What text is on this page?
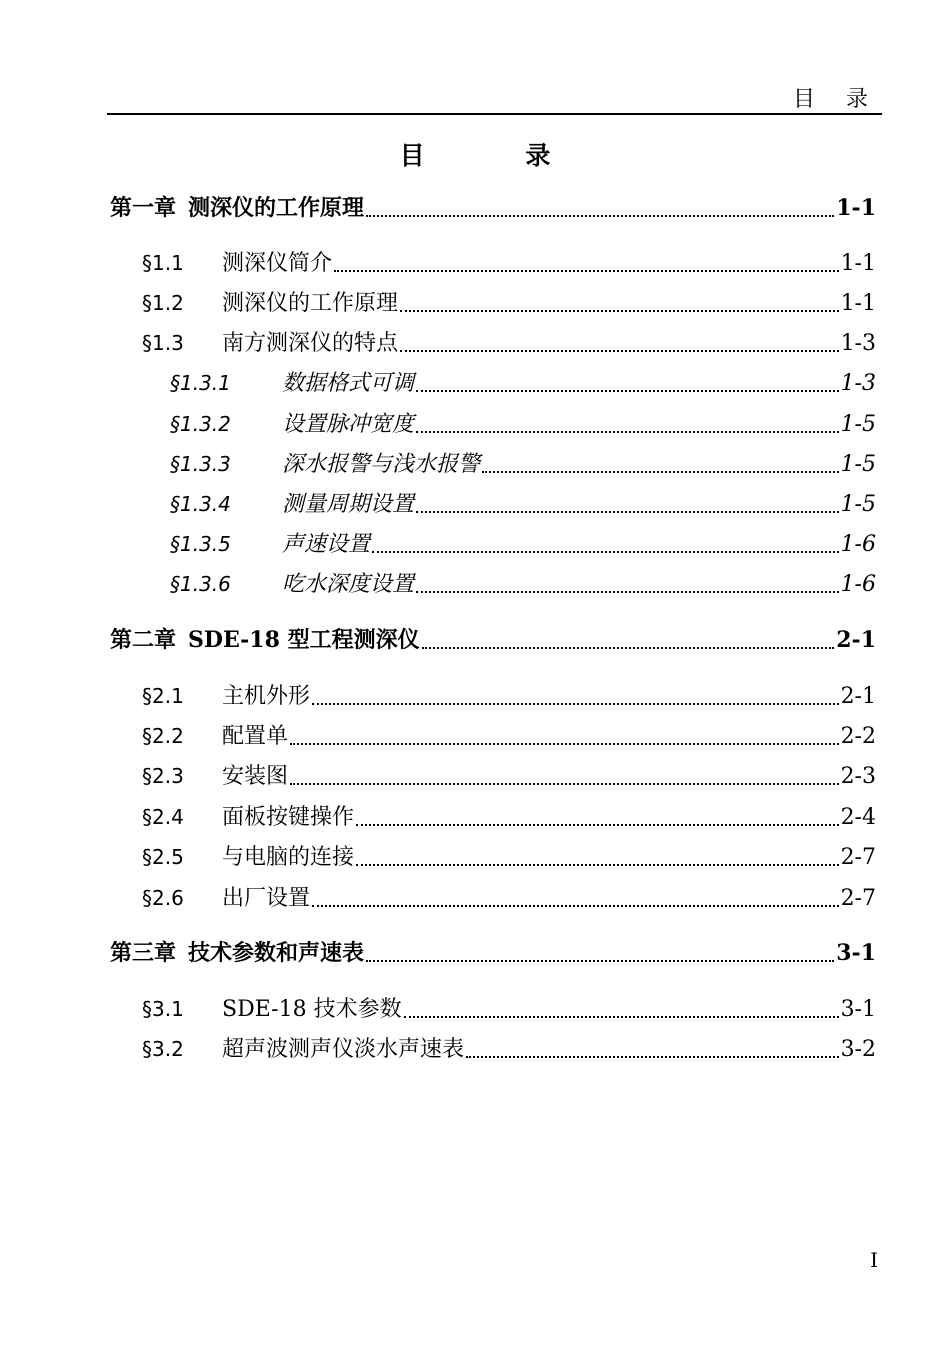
目 录
目 录
第一章 测深仪的工作原理	1-1
§1.1	测深仪简介	1-1
§1.2	测深仪的工作原理	1-1
§1.3	南方测深仪的特点	1-3
§1.3.1	数据格式可调	1-3
§1.3.2	设置脉冲宽度	1-5
§1.3.3	深水报警与浅水报警	1-5
§1.3.4	测量周期设置	1-5
§1.3.5	声速设置	1-6
§1.3.6	吃水深度设置	1-6
第二章 SDE-18 型工程测深仪	2-1
§2.1	主机外形	2-1
§2.2	配置单	2-2
§2.3	安装图	2-3
§2.4	面板按键操作	2-4
§2.5	与电脑的连接	2-7
§2.6	出厂设置	2-7
第三章 技术参数和声速表	3-1
§3.1	SDE-18 技术参数	3-1
§3.2	超声波测声仪淡水声速表	3-2
I
